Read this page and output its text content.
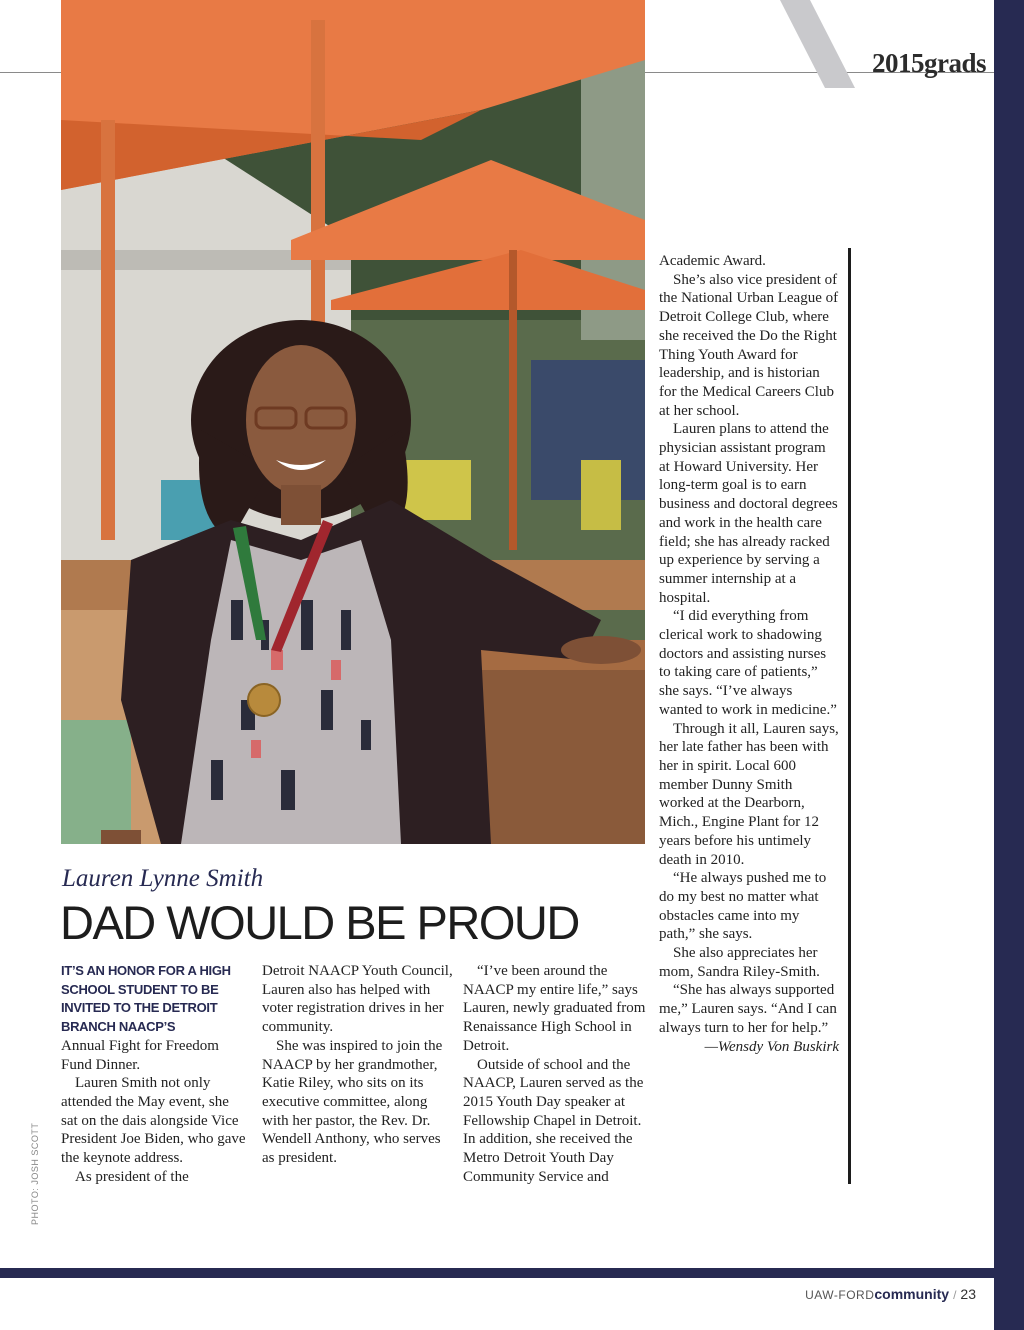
2015grads
PHOTO: JOSH SCOTT
Lauren Lynne Smith
DAD WOULD BE PROUD
IT’S AN HONOR FOR A HIGH SCHOOL STUDENT TO BE INVITED TO THE DETROIT BRANCH NAACP’S

Annual Fight for Freedom Fund Dinner.

Lauren Smith not only attended the May event, she sat on the dais alongside Vice President Joe Biden, who gave the keynote address.

As president of the

Detroit NAACP Youth Council, Lauren also has helped with voter registration drives in her community.

She was inspired to join the NAACP by her grandmother, Katie Riley, who sits on its executive committee, along with her pastor, the Rev. Dr. Wendell Anthony, who serves as president.

“I’ve been around the NAACP my entire life,” says Lauren, newly graduated from Renaissance High School in Detroit.

Outside of school and the NAACP, Lauren served as the 2015 Youth Day speaker at Fellowship Chapel in Detroit. In addition, she received the Metro Detroit Youth Day Community Service and

Academic Award.

She’s also vice president of the National Urban League of Detroit College Club, where she received the Do the Right Thing Youth Award for leadership, and is historian for the Medical Careers Club at her school.

Lauren plans to attend the physician assistant program at Howard University. Her long-term goal is to earn business and doctoral degrees and work in the health care field; she has already racked up experience by serving a summer internship at a hospital.

“I did everything from clerical work to shadowing doctors and assisting nurses to taking care of patients,” she says. “I’ve always wanted to work in medicine.”

Through it all, Lauren says, her late father has been with her in spirit. Local 600 member Dunny Smith worked at the Dearborn, Mich., Engine Plant for 12 years before his untimely death in 2010.

“He always pushed me to do my best no matter what obstacles came into my path,” she says.

She also appreciates her mom, Sandra Riley-Smith.

“She has always supported me,” Lauren says. “And I can always turn to her for help.”

—Wensdy Von Buskirk

UAW-FORDcommunity / 23
